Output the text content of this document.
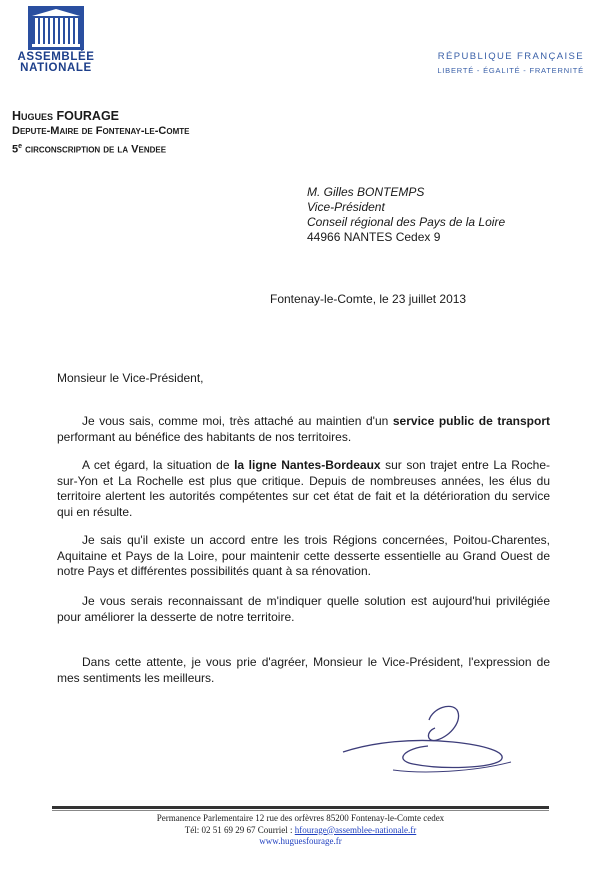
ASSEMBLÉE
NATIONALE
RÉPUBLIQUE FRANÇAISE
LIBERTÉ - ÉGALITÉ - FRATERNITÉ
Hugues FOURAGE
Depute-Maire de Fontenay-le-Comte
5e circonscription de la Vendee
M. Gilles BONTEMPS
Vice-Président
Conseil régional des Pays de la Loire
44966 NANTES Cedex 9
Fontenay-le-Comte, le 23 juillet 2013
Monsieur le Vice-Président,
Je vous sais, comme moi, très attaché au maintien d'un service public de transport performant au bénéfice des habitants de nos territoires.
A cet égard, la situation de la ligne Nantes-Bordeaux sur son trajet entre La Roche-sur-Yon et La Rochelle est plus que critique. Depuis de nombreuses années, les élus du territoire alertent les autorités compétentes sur cet état de fait et la détérioration du service qui en résulte.
Je sais qu'il existe un accord entre les trois Régions concernées, Poitou-Charentes, Aquitaine et Pays de la Loire, pour maintenir cette desserte essentielle au Grand Ouest de notre Pays et différentes possibilités quant à sa rénovation.
Je vous serais reconnaissant de m'indiquer quelle solution est aujourd'hui privilégiée pour améliorer la desserte de notre territoire.
Dans cette attente, je vous prie d'agréer, Monsieur le Vice-Président, l'expression de mes sentiments les meilleurs.
Permanence Parlementaire 12 rue des orfèvres 85200 Fontenay-le-Comte cedex
Tél: 02 51 69 29 67 Courriel : hfourage@assemblee-nationale.fr
www.huguesfourage.fr
